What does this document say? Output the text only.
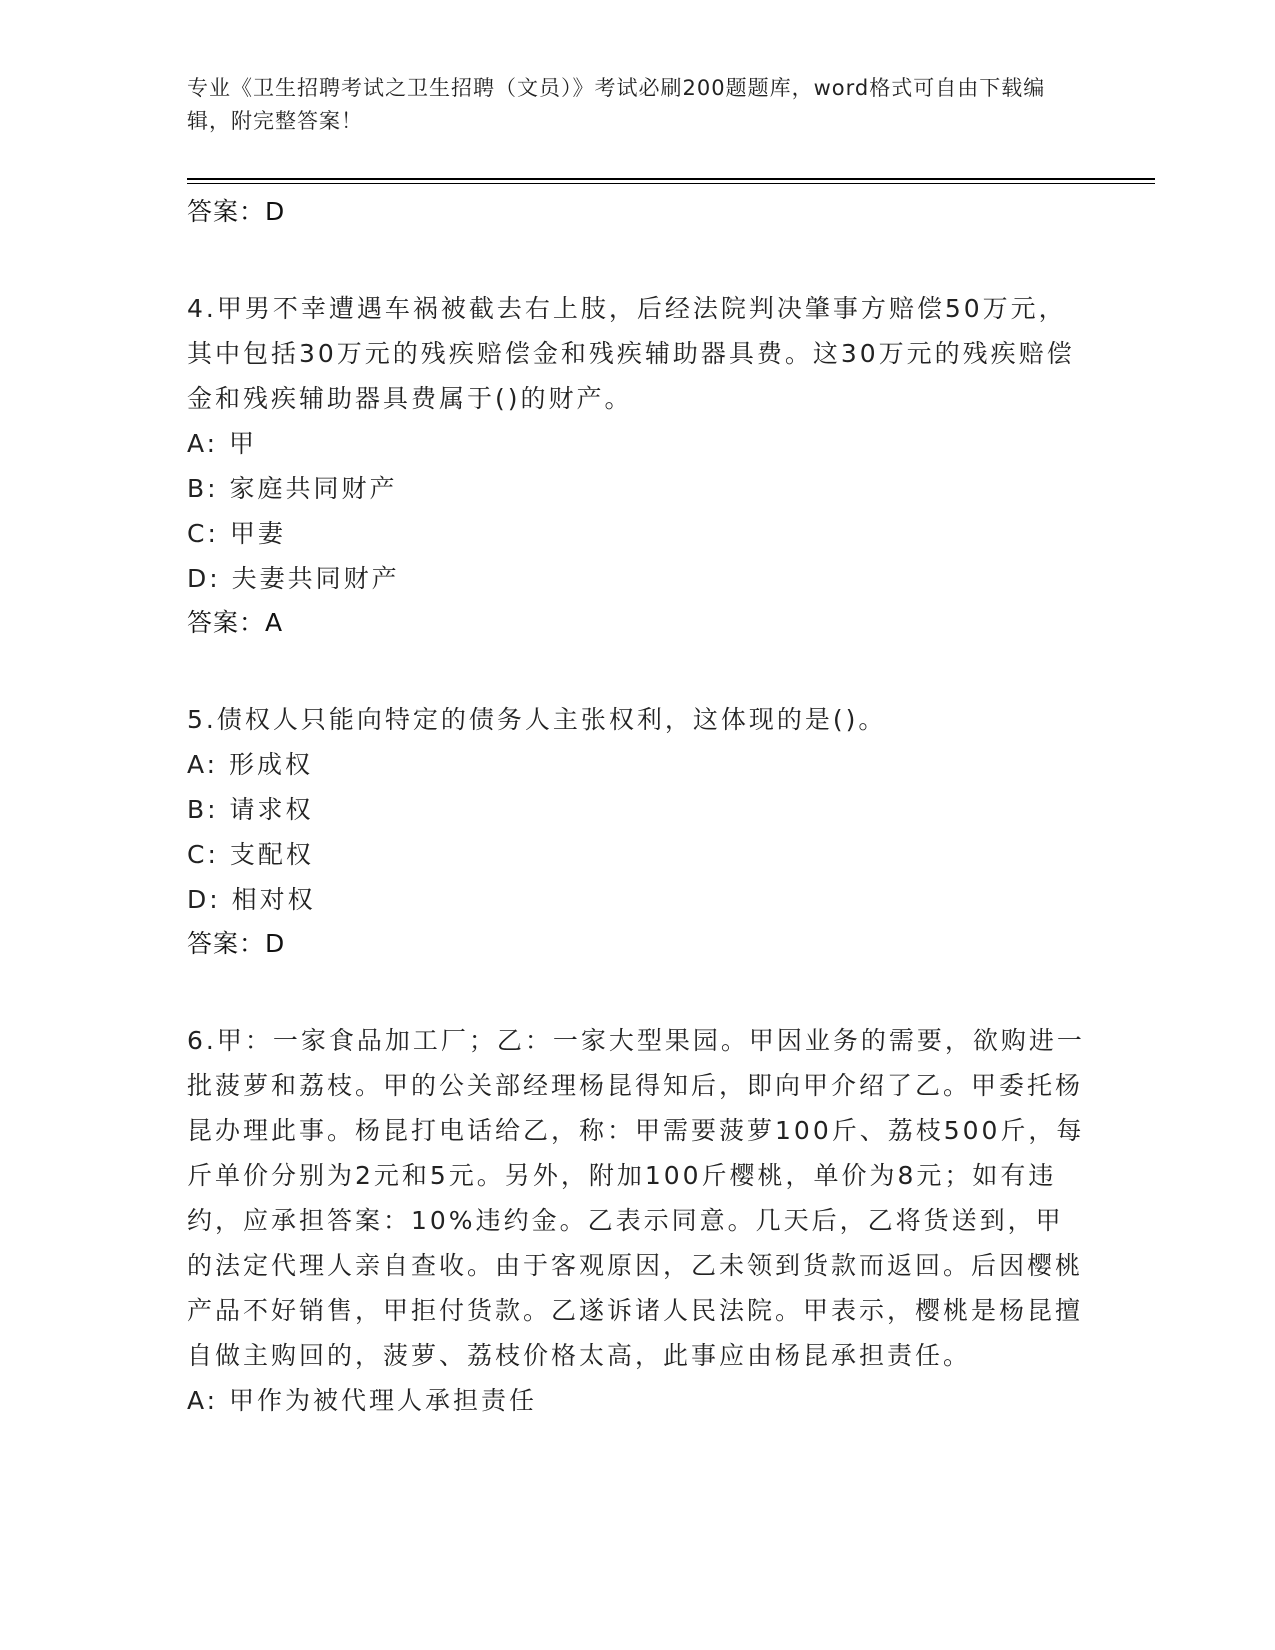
专业《卫生招聘考试之卫生招聘（文员）》考试必刷200题题库，word格式可自由下载编辑，附完整答案！
答案：D
4.甲男不幸遭遇车祸被截去右上肢，后经法院判决肇事方赔偿50万元，其中包括30万元的残疾赔偿金和残疾辅助器具费。这30万元的残疾赔偿金和残疾辅助器具费属于()的财产。
A: 甲
B: 家庭共同财产
C: 甲妻
D: 夫妻共同财产
答案：A
5.债权人只能向特定的债务人主张权利，这体现的是()。
A: 形成权
B: 请求权
C: 支配权
D: 相对权
答案：D
6.甲：一家食品加工厂；乙：一家大型果园。甲因业务的需要，欲购进一批菠萝和荔枝。甲的公关部经理杨昆得知后，即向甲介绍了乙。甲委托杨昆办理此事。杨昆打电话给乙，称：甲需要菠萝100斤、荔枝500斤，每斤单价分别为2元和5元。另外，附加100斤樱桃，单价为8元；如有违约，应承担答案：10%违约金。乙表示同意。几天后，乙将货送到，甲的法定代理人亲自查收。由于客观原因，乙未领到货款而返回。后因樱桃产品不好销售，甲拒付货款。乙遂诉诸人民法院。甲表示，樱桃是杨昆擅自做主购回的，菠萝、荔枝价格太高，此事应由杨昆承担责任。
A: 甲作为被代理人承担责任
